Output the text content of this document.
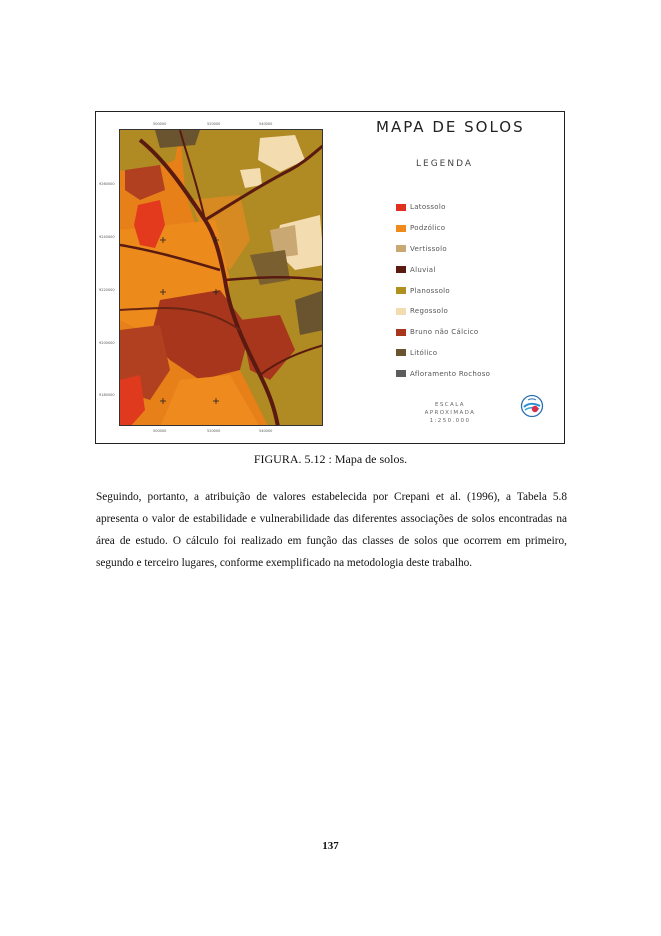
500000	520000	540000
500000	520000	540000
9260000
9240000
9220000
9200000
9180000
MAPA DE SOLOS
LEGENDA
Latossolo
Podzólico
Vertissolo
Aluvial
Planossolo
Regossolo
Bruno não Cálcico
Litólico
Afloramento Rochoso
ESCALA APROXIMADA
1:250.000
FIGURA. 5.12 : Mapa de solos.

Seguindo, portanto, a atribuição de valores estabelecida por Crepani et al. (1996), a Tabela 5.8 apresenta o valor de estabilidade e vulnerabilidade das diferentes associações de solos encontradas na área de estudo. O cálculo foi realizado em função das classes de solos que ocorrem em primeiro, segundo e terceiro lugares, conforme exemplificado na metodologia deste trabalho.

137
